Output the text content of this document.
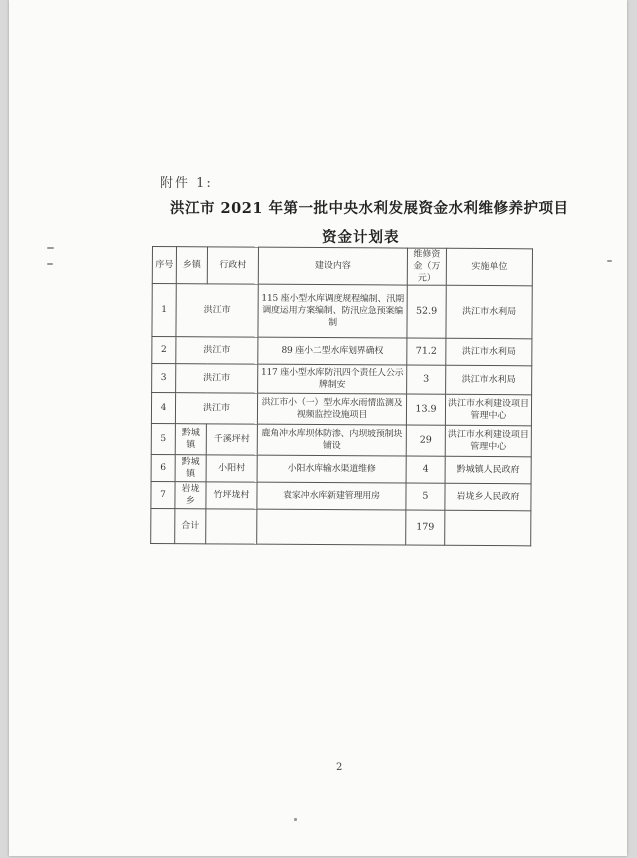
附件 1:
洪江市 2021 年第一批中央水利发展资金水利维修养护项目
资金计划表
序号	乡镇	行政村	建设内容	维修资金（万元）	实施单位
1	洪江市		115 座小型水库调度规程编制、汛期调度运用方案编制、防汛应急预案编制	52.9	洪江市水利局
2	洪江市		89 座小二型水库划界确权	71.2	洪江市水利局
3	洪江市		117 座小型水库防汛四个责任人公示牌制安	3	洪江市水利局
4	洪江市		洪江市小（一）型水库水雨情监测及视频监控设施项目	13.9	洪江市水利建设项目管理中心
5	黔城镇	千溪坪村	鹿角冲水库坝体防渗、内坝坡预制块铺设	29	洪江市水利建设项目管理中心
6	黔城镇	小阳村	小阳水库输水渠道维修	4	黔城镇人民政府
7	岩垅乡	竹坪垅村	袁家冲水库新建管理用房	5	岩垅乡人民政府
	合计			179	
2
